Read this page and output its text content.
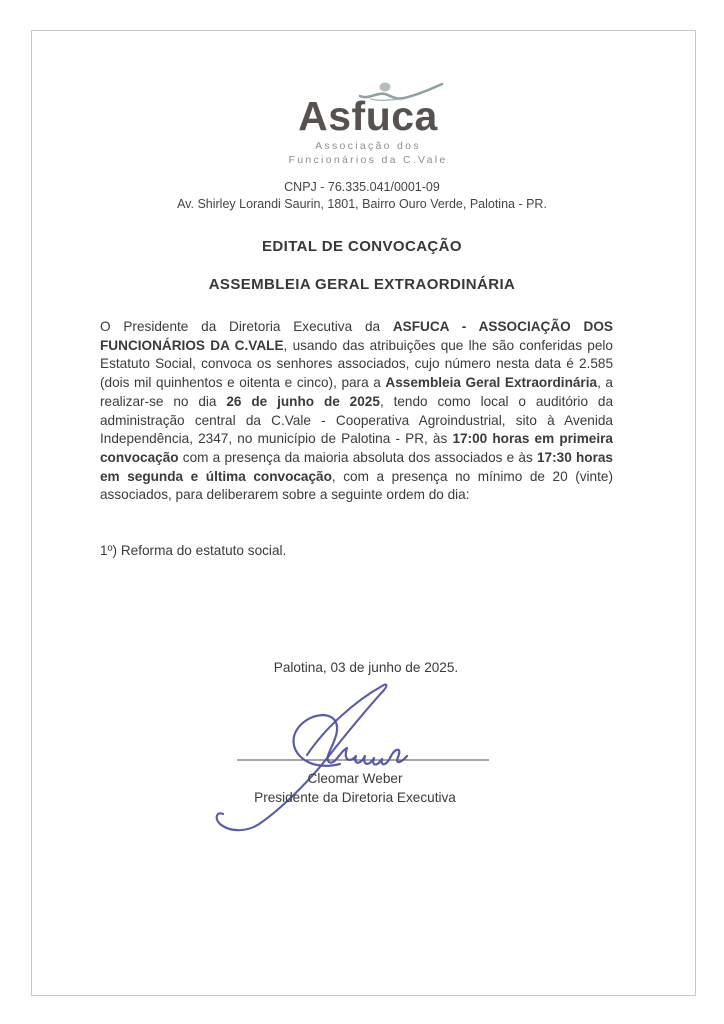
Asfuca
Associação dos
Funcionários da C.Vale
CNPJ - 76.335.041/0001-09
Av. Shirley Lorandi Saurin, 1801, Bairro Ouro Verde, Palotina - PR.
EDITAL DE CONVOCAÇÃO
ASSEMBLEIA GERAL EXTRAORDINÁRIA
O Presidente da Diretoria Executiva da ASFUCA - ASSOCIAÇÃO DOS FUNCIONÁRIOS DA C.VALE, usando das atribuições que lhe são conferidas pelo Estatuto Social, convoca os senhores associados, cujo número nesta data é 2.585 (dois mil quinhentos e oitenta e cinco), para a Assembleia Geral Extraordinária, a realizar-se no dia 26 de junho de 2025, tendo como local o auditório da administração central da C.Vale - Cooperativa Agroindustrial, sito à Avenida Independência, 2347, no município de Palotina - PR, às 17:00 horas em primeira convocação com a presença da maioria absoluta dos associados e às 17:30 horas em segunda e última convocação, com a presença no mínimo de 20 (vinte) associados, para deliberarem sobre a seguinte ordem do dia:
1º) Reforma do estatuto social.
Palotina, 03 de junho de 2025.
Cleomar Weber
Presidente da Diretoria Executiva
